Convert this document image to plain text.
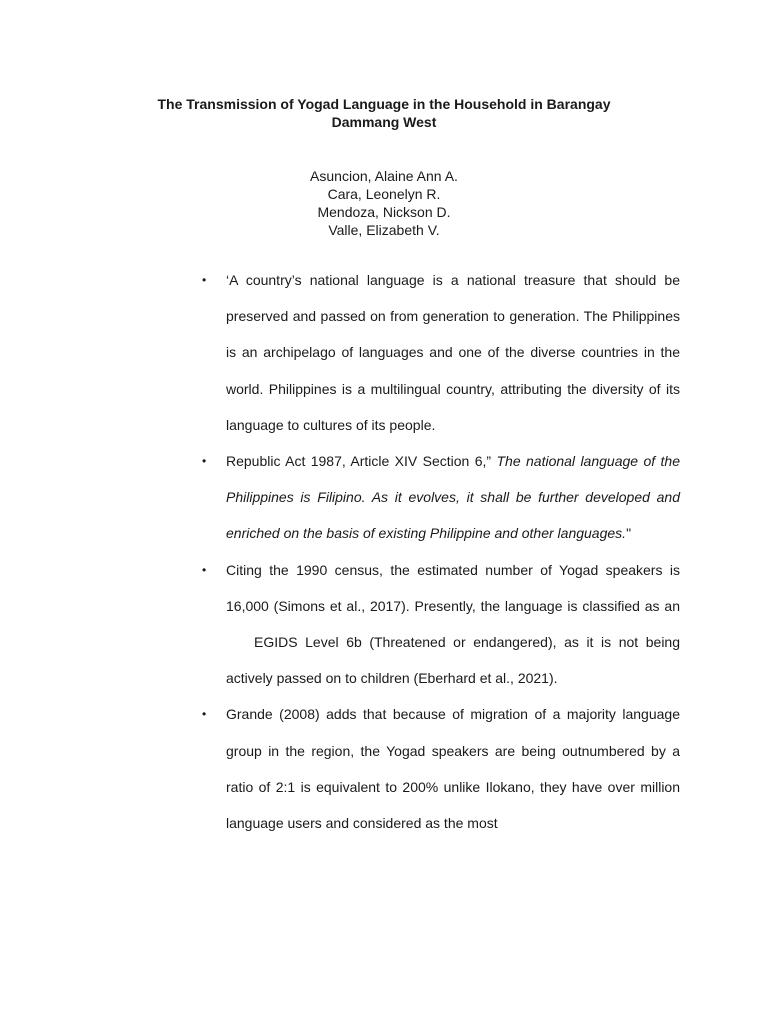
The Transmission of Yogad Language in the Household in Barangay
Dammang West
Asuncion, Alaine Ann A.
Cara, Leonelyn R.
Mendoza, Nickson D.
Valle, Elizabeth V.
• ‘A country’s national language is a national treasure that should be preserved and passed on from generation to generation. The Philippines is an archipelago of languages and one of the diverse countries in the world. Philippines is a multilingual country, attributing the diversity of its language to cultures of its people.
• Republic Act 1987, Article XIV Section 6,” The national language of the Philippines is Filipino. As it evolves, it shall be further developed and enriched on the basis of existing Philippine and other languages."
• Citing the 1990 census, the estimated number of Yogad speakers is 16,000 (Simons et al., 2017). Presently, the language is classified as anEGIDS Level 6b (Threatened or endangered), as it is not being actively passed on to children (Eberhard et al., 2021).
• Grande (2008) adds that because of migration of a majority language group in the region, the Yogad speakers are being outnumbered by a ratio of 2:1 is equivalent to 200% unlike Ilokano, they have over million language users and considered as the most
